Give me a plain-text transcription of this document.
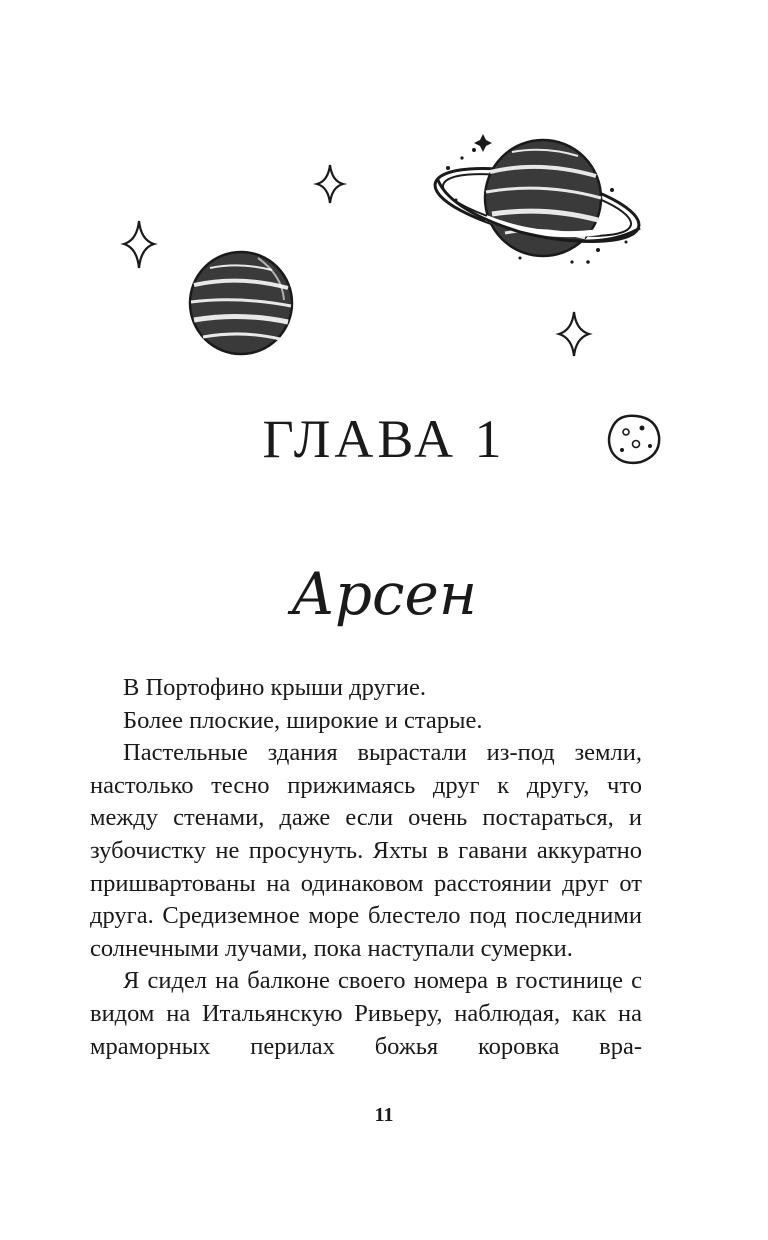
ГЛАВА 1
Арсен

В Портофино крыши другие.

Более плоские, широкие и старые.

Пастельные здания вырастали из-под земли, настолько тесно прижимаясь друг к другу, что между стенами, даже если очень постараться, и зубочистку не просунуть. Яхты в гавани аккуратно пришвартованы на одинаковом расстоянии друг от друга. Средиземное море блестело под последними солнечными лучами, пока наступали сумерки.

Я сидел на балконе своего номера в гостинице с видом на Итальянскую Ривьеру, наблюдая, как на мраморных перилах божья коровка вра-

11
